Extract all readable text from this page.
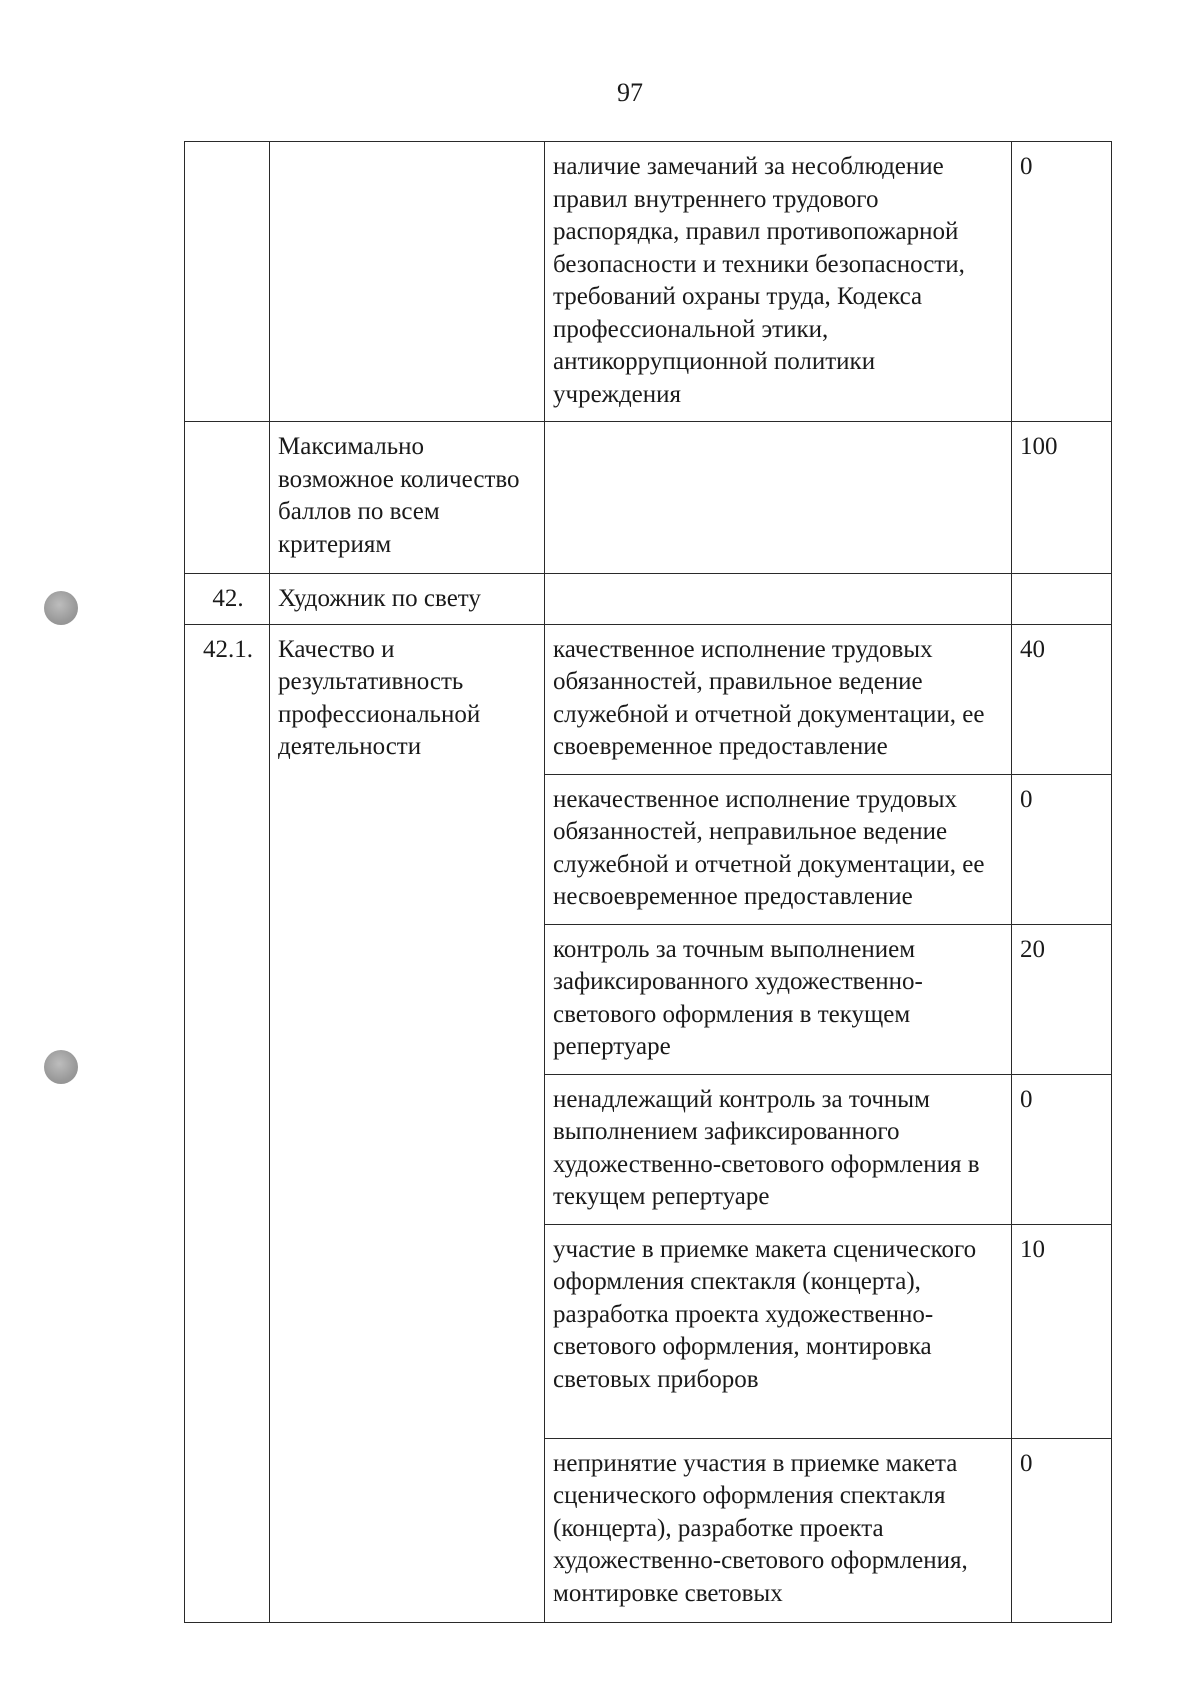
97
		наличие замечаний за несоблюдение правил внутреннего трудового распорядка, правил противопожарной безопасности и техники безопасности, требований охраны труда, Кодекса профессиональной этики, антикоррупционной политики учреждения	0
	Максимально возможное количество баллов по всем критериям		100
42.	Художник по свету		
42.1.	Качество и результативность профессиональной деятельности	качественное исполнение трудовых обязанностей, правильное ведение служебной и отчетной документации, ее своевременное предоставление	40
		некачественное исполнение трудовых обязанностей, неправильное ведение служебной и отчетной документации, ее несвоевременное предоставление	0
		контроль за точным выполнением зафиксированного художественно-светового оформления в текущем репертуаре	20
		ненадлежащий контроль за точным выполнением зафиксированного художественно-светового оформления в текущем репертуаре	0
		участие в приемке макета сценического оформления спектакля (концерта), разработка проекта художественно-светового оформления, монтировка световых приборов	10
		непринятие участия в приемке макета сценического оформления спектакля (концерта), разработке проекта художественно-светового оформления, монтировке световых	0
